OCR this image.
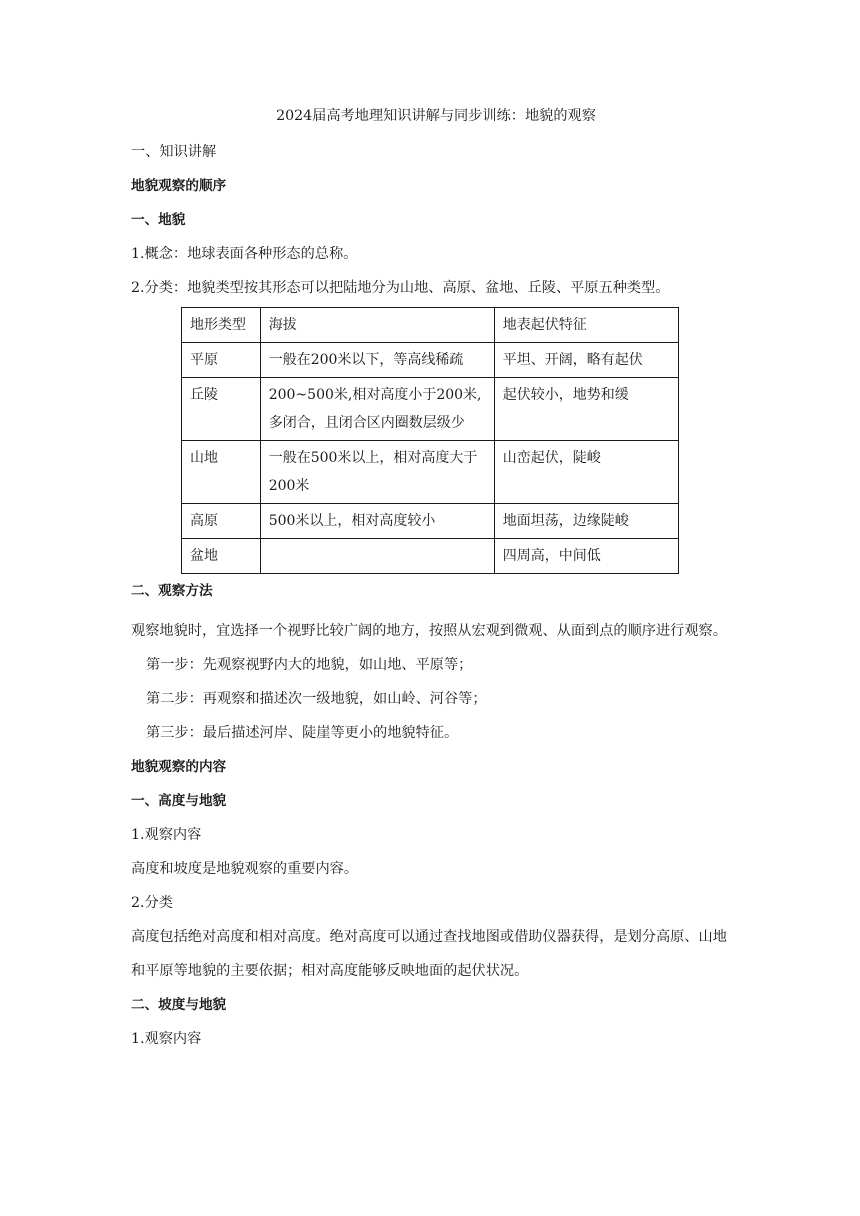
2024届高考地理知识讲解与同步训练：地貌的观察
一、知识讲解
地貌观察的顺序
一、地貌
1.概念：地球表面各种形态的总称。
2.分类：地貌类型按其形态可以把陆地分为山地、高原、盆地、丘陵、平原五种类型。
地形类型	海拔	地表起伏特征
平原	一般在200米以下，等高线稀疏	平坦、开阔，略有起伏
丘陵	200~500米,相对高度小于200米,多闭合，且闭合区内圈数层级少	起伏较小，地势和缓
山地	一般在500米以上，相对高度大于200米	山峦起伏，陡峻
高原	500米以上，相对高度较小	地面坦荡，边缘陡峻
盆地		四周高，中间低
二、观察方法
观察地貌时，宜选择一个视野比较广阔的地方，按照从宏观到微观、从面到点的顺序进行观察。
第一步：先观察视野内大的地貌，如山地、平原等；
第二步：再观察和描述次一级地貌，如山岭、河谷等；
第三步：最后描述河岸、陡崖等更小的地貌特征。
地貌观察的内容
一、高度与地貌
1.观察内容
高度和坡度是地貌观察的重要内容。
2.分类
高度包括绝对高度和相对高度。绝对高度可以通过查找地图或借助仪器获得，是划分高原、山地和平原等地貌的主要依据；相对高度能够反映地面的起伏状况。
二、坡度与地貌
1.观察内容
